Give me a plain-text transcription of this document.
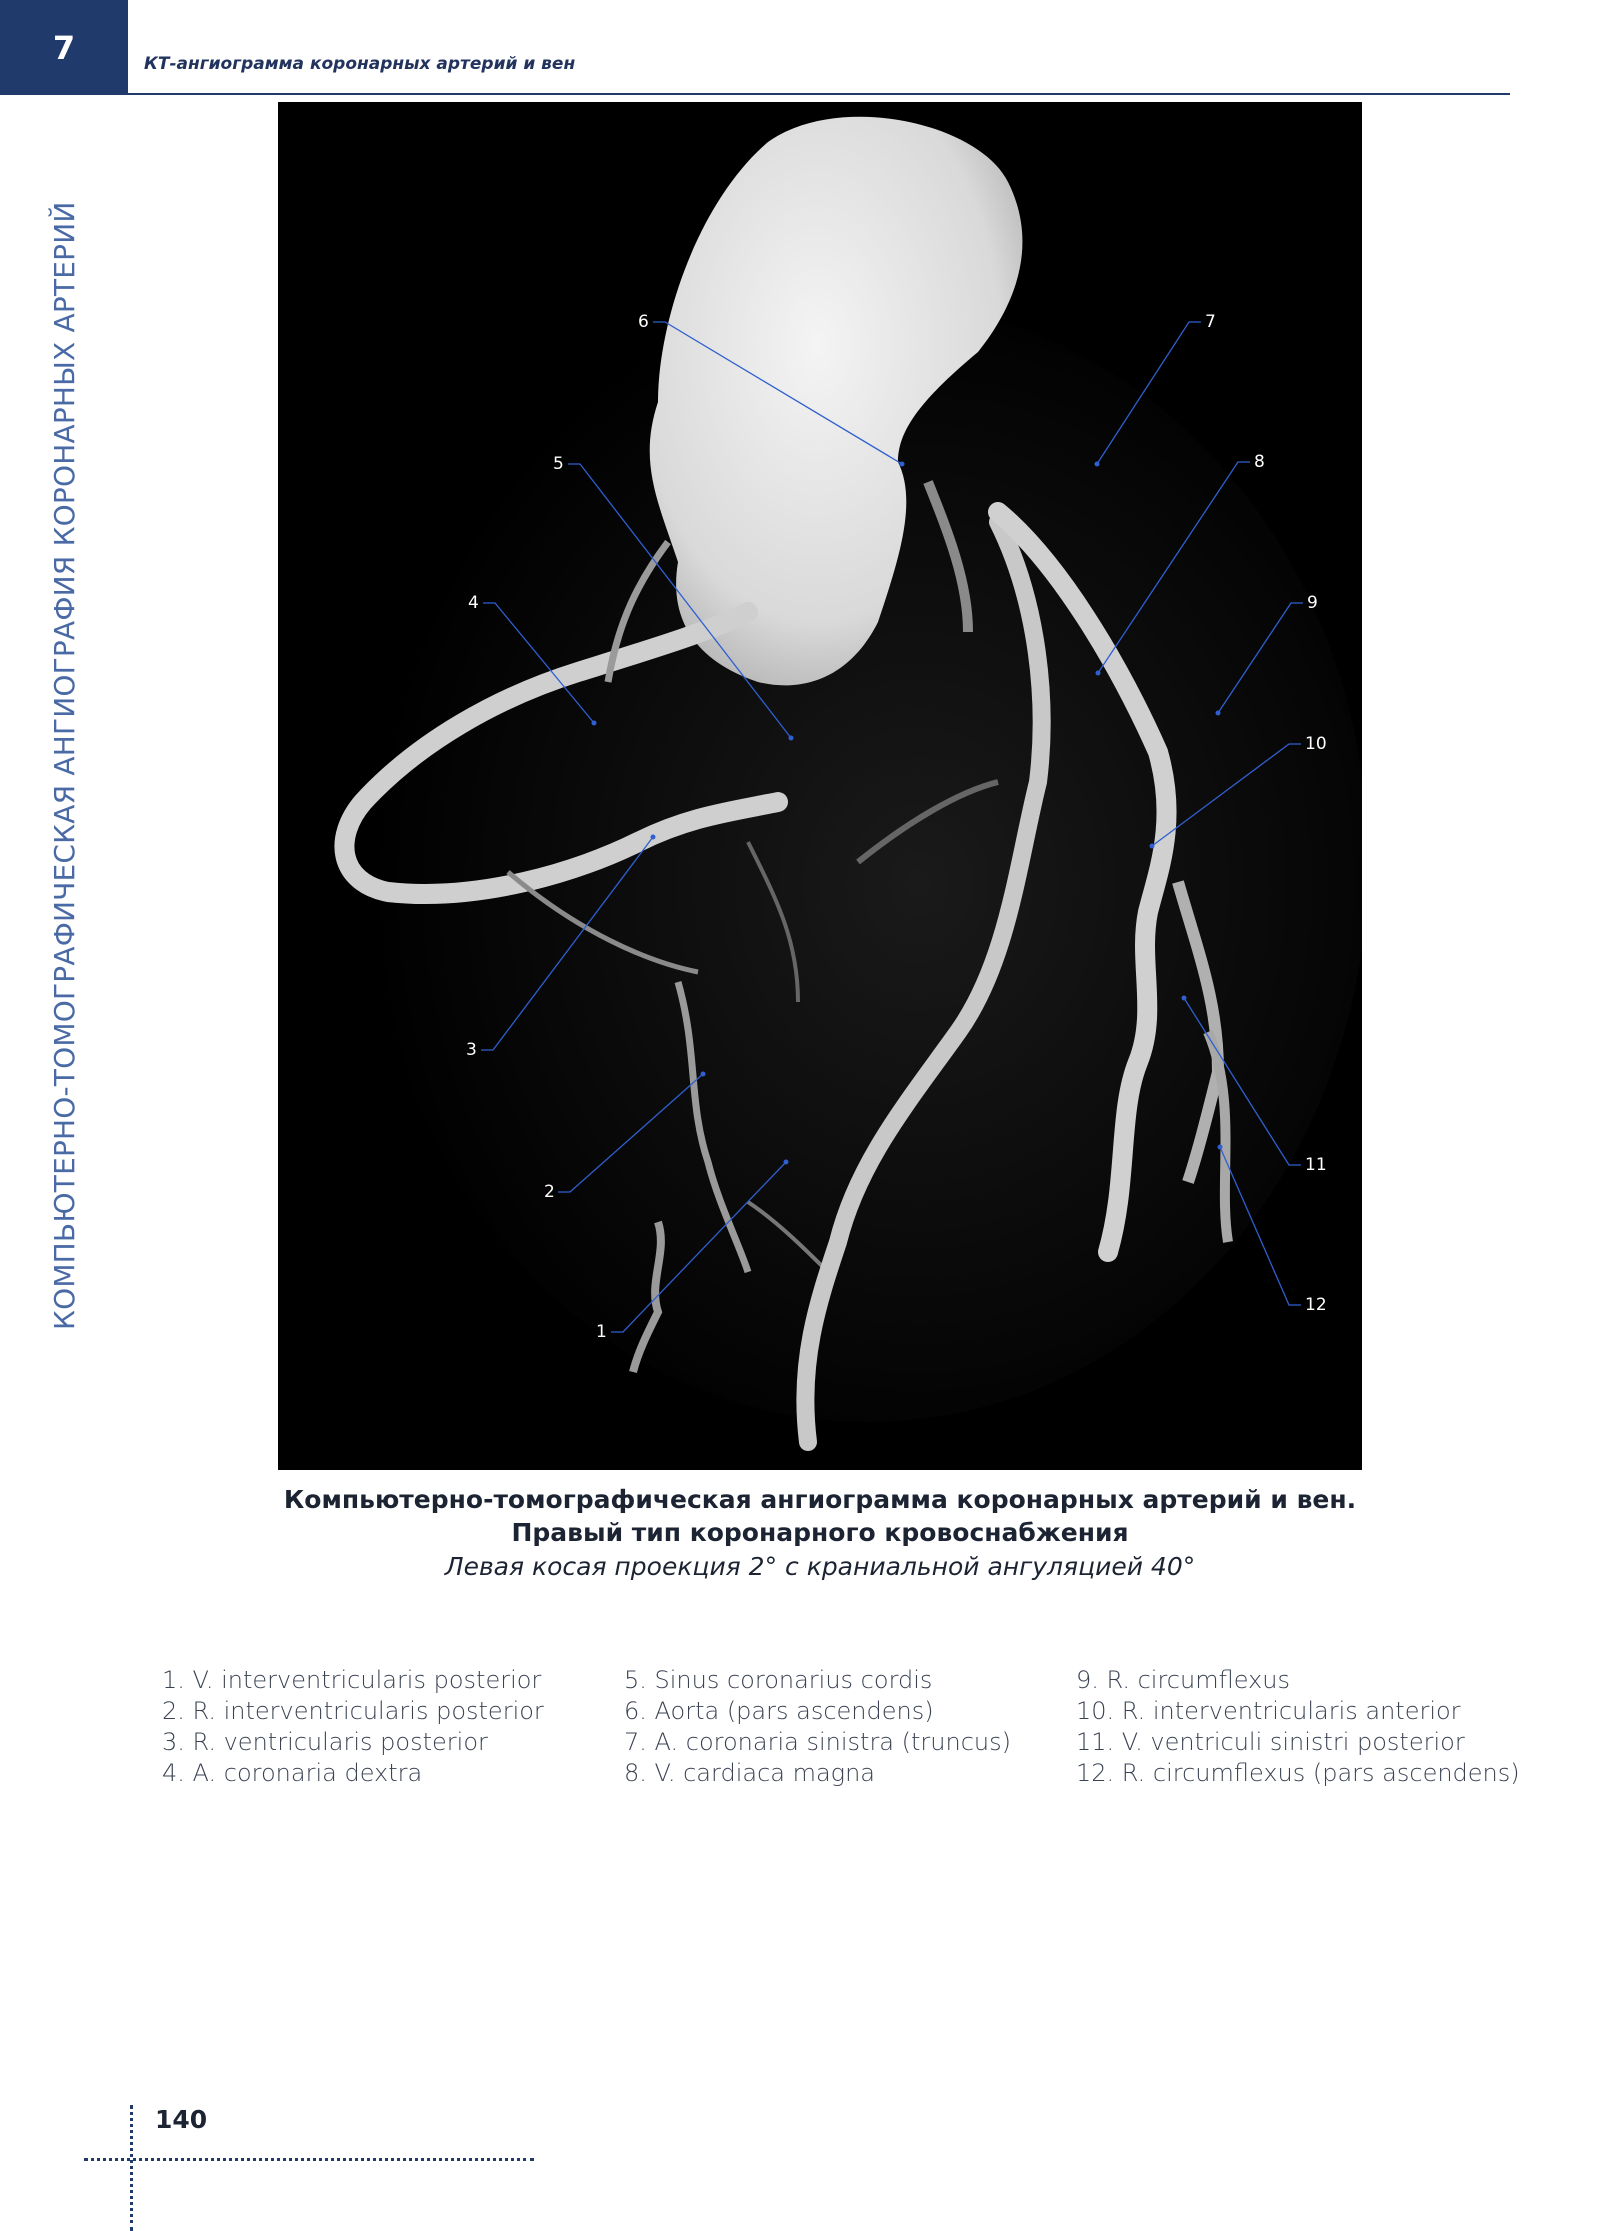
7	КТ-ангиограмма коронарных артерий и вен
КОМПЬЮТЕРНО-ТОМОГРАФИЧЕСКАЯ АНГИОГРАФИЯ КОРОНАРНЫХ АРТЕРИЙ
1
2
3
4
5
6	7
8
9
10
11
12
Компьютерно-томографическая ангиограмма коронарных артерий и вен.
Правый тип коронарного кровоснабжения
Левая косая проекция 2° с краниальной ангуляцией 40°
1. V. interventricularis posterior
2. R. interventricularis posterior
3. R. ventricularis posterior
4. A. coronaria dextra
5. Sinus coronarius cordis
6. Aorta (pars ascendens)
7. A. coronaria sinistra (truncus)
8. V. cardiaca magna
9. R. circumflexus
10. R. interventricularis anterior
11. V. ventriculi sinistri posterior
12. R. circumflexus (pars ascendens)
140
